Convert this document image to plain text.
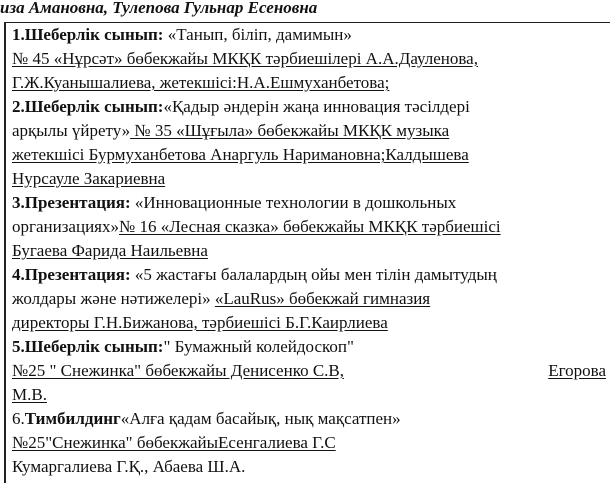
иза Амановна, Тулепова Гульнар Есеновна
1.Шеберлік сынып: «Танып, біліп, дамимын»
№ 45 «Нұрсәт» бөбекжайы МКҚК тәрбиешілері А.А.Дауленова,
Г.Ж.Куанышалиева, жетекшісі:Н.А.Ешмуханбетова;
2.Шеберлік сынып:«Қадыр әндерін жаңа инновация тәсілдері
арқылы үйрету» № 35 «Шұғыла» бөбекжайы МКҚК музыка
жетекшісі Бурмуханбетова Анаргуль Наримановна;Калдышева
Нурсауле Закариевна
3.Презентация: «Инновационные технологии в дошкольных
организациях»№ 16 «Лесная сказка» бөбекжайы МКҚК тәрбиешісі
Бугаева Фарида Наильевна
4.Презентация: «5 жастағы балалардың ойы мен тілін дамытудың
жолдары және нәтижелері» «LauRus» бөбекжай гимназия
директоры Г.Н.Бижанова, тәрбиешісі Б.Г.Каирлиева
5.Шеберлік сынып:" Бумажный колейдоскоп"
№25 " Снежинка" бөбекжайы Денисенко С.В,	Егорова
М.В.
6.Тимбилдинг«Алға қадам басайық, нық мақсатпен»
№25"Снежинка" бөбекжайыЕсенгалиева Г.С
Кумаргалиева Г.Қ., Абаева Ш.А.
